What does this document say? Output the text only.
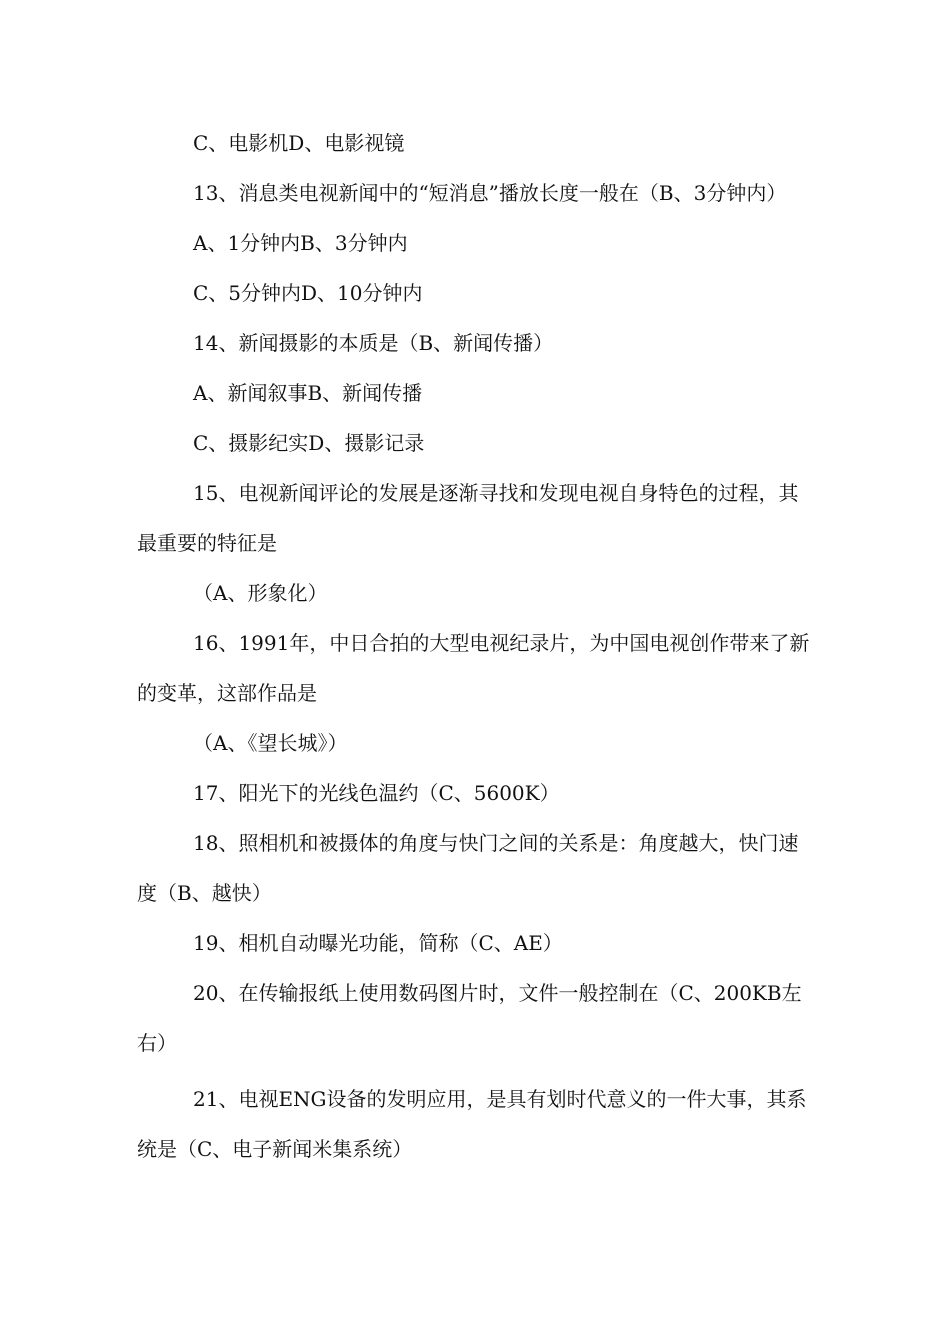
C、电影机D、电影视镜

13、消息类电视新闻中的“短消息”播放长度一般在（B、3分钟内）

A、1分钟内B、3分钟内

C、5分钟内D、10分钟内

14、新闻摄影的本质是（B、新闻传播）

A、新闻叙事B、新闻传播

C、摄影纪实D、摄影记录

15、电视新闻评论的发展是逐渐寻找和发现电视自身特色的过程，其最重要的特征是

（A、形象化）

16、1991年，中日合拍的大型电视纪录片，为中国电视创作带来了新的变革，这部作品是

（A、《望长城》）

17、阳光下的光线色温约（C、5600K）

18、照相机和被摄体的角度与快门之间的关系是：角度越大，快门速度（B、越快）

19、相机自动曝光功能，简称（C、AE）

20、在传输报纸上使用数码图片时，文件一般控制在（C、200KB左右）

21、电视ENG设备的发明应用，是具有划时代意义的一件大事，其系统是（C、电子新闻米集系统）
